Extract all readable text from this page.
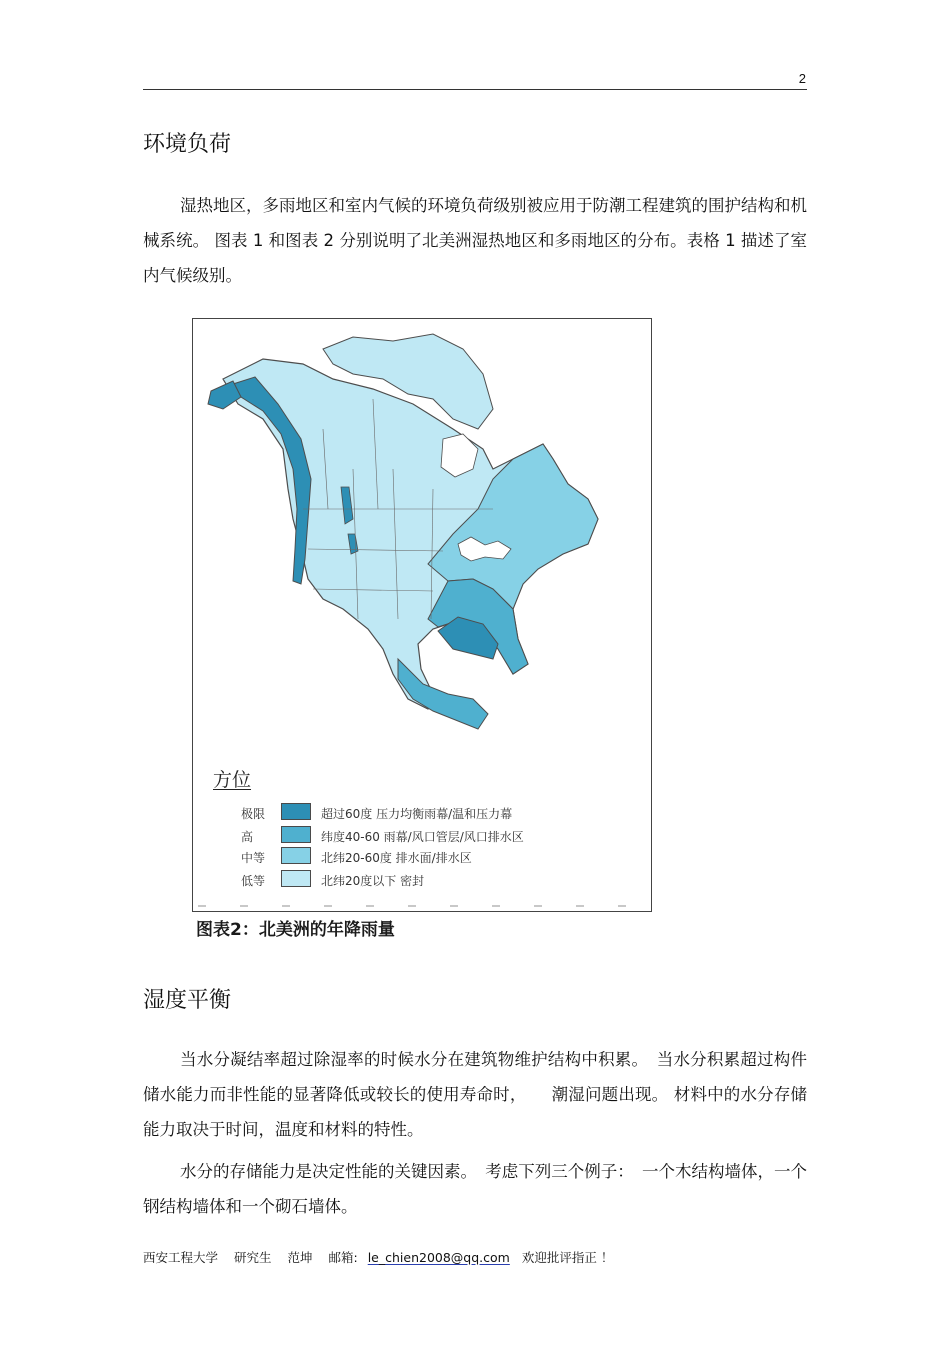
2
环境负荷

湿热地区，多雨地区和室内气候的环境负荷级别被应用于防潮工程建筑的围护结构和机械系统。 图表 1 和图表 2 分别说明了北美洲湿热地区和多雨地区的分布。表格 1 描述了室内气候级别。

方位
极限	超过60度 压力均衡雨幕/温和压力幕
高	纬度40-60 雨幕/风口管层/风口排水区
中等	北纬20-60度 排水面/排水区
低等	北纬20度以下 密封
图表2：北美洲的年降雨量
湿度平衡

当水分凝结率超过除湿率的时候水分在建筑物维护结构中积累。　当水分积累超过构件储水能力而非性能的显著降低或较长的使用寿命时，　　潮湿问题出现。 材料中的水分存储能力取决于时间，温度和材料的特性。

水分的存储能力是决定性能的关键因素。　考虑下列三个例子：　一个木结构墙体，一个钢结构墙体和一个砌石墙体。

西安工程大学 研究生 范坤 邮箱: le_chien2008@qq.com 欢迎批评指正 ！
